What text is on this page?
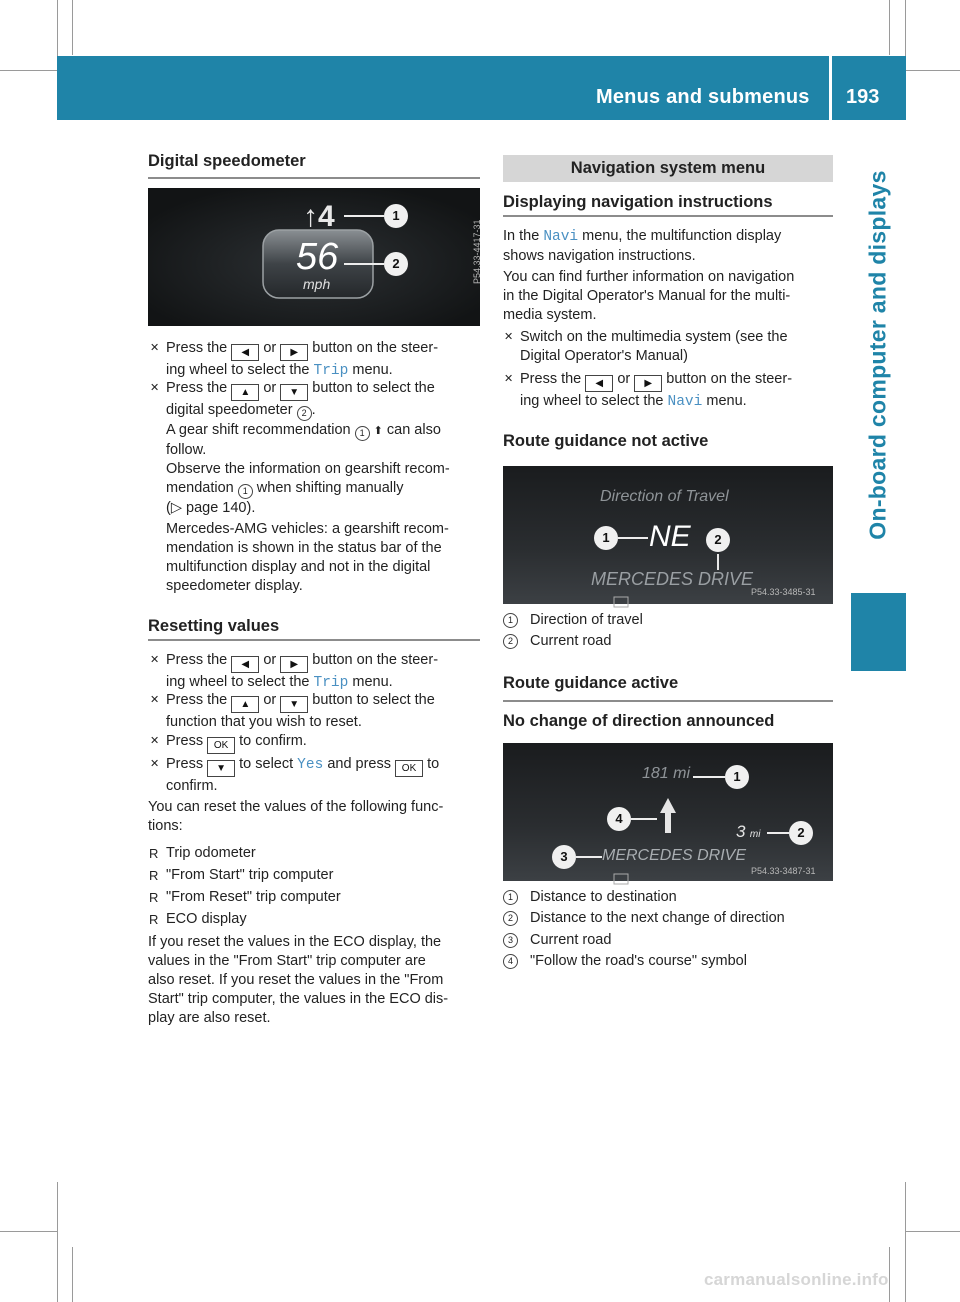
Menus and submenus 193
On-board computer and displays
Digital speedometer
↑4	1
56
mph
2	P54.33-4417-31
✕ Press the ◀ or ▶ button on the steer-
ing wheel to select the Trip menu.
✕ Press the ▲ or ▼ button to select the
digital speedometer 2 .
A gear shift recommendation 1 ⬆ can also
follow.
Observe the information on gearshift recom-
mendation 1 when shifting manually
(▷ page 140).
Mercedes-AMG vehicles: a gearshift recom-
mendation is shown in the status bar of the
multifunction display and not in the digital
speedometer display.
Resetting values
✕ Press the ◀ or ▶ button on the steer-
ing wheel to select the Trip menu.
✕ Press the ▲ or ▼ button to select the
function that you wish to reset.
✕ Press OK to confirm.
✕ Press ▼ to select Yes and press OK to
confirm.
You can reset the values of the following func-
tions:
R Trip odometer
R "From Start" trip computer
R "From Reset" trip computer
R ECO display
If you reset the values in the ECO display, the
values in the "From Start" trip computer are
also reset. If you reset the values in the "From
Start" trip computer, the values in the ECO dis-
play are also reset.
Navigation system menu
Displaying navigation instructions
In the Navi menu, the multifunction display
shows navigation instructions.
You can find further information on navigation
in the Digital Operator's Manual for the multi-
media system.
✕ Switch on the multimedia system (see the
Digital Operator's Manual)
✕ Press the ◀ or ▶ button on the steer-
ing wheel to select the Navi menu.
Route guidance not active
Direction of Travel
1 NE	2
MERCEDES DRIVE
P54.33-3485-31
1	Direction of travel
2	Current road
Route guidance active
No change of direction announced
181 mi	1
4
3 mi	2
3	MERCEDES DRIVE
P54.33-3487-31
1	Distance to destination
2	Distance to the next change of direction
3	Current road
4	"Follow the road's course" symbol
carmanualsonline.info
